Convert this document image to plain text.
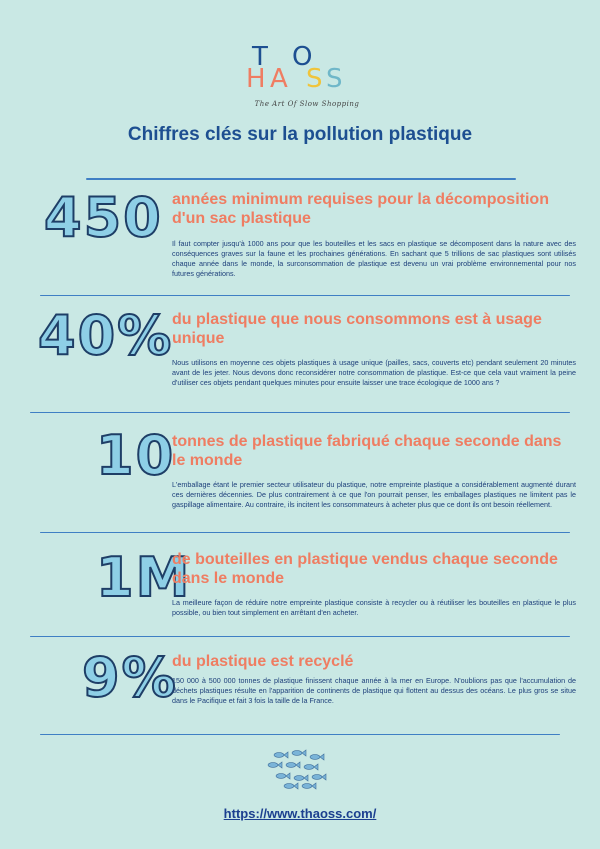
T
H A
O
S S
The Art Of Slow Shopping
Chiffres clés sur la pollution plastique
450 années minimum requises pour la décomposition d'un sac plastique
Il faut compter jusqu'à 1000 ans pour que les bouteilles et les sacs en plastique se décomposent dans la nature avec des conséquences graves sur la faune et les prochaines générations. En sachant que 5 trillions de sac plastiques sont utilisés chaque année dans le monde, la surconsommation de plastique est devenu un vrai problème environnemental pour nos futures générations.
40%
du plastique que nous consommons est à usage unique
Nous utilisons en moyenne ces objets plastiques à usage unique (pailles, sacs, couverts etc) pendant seulement 20 minutes avant de les jeter. Nous devons donc reconsidérer notre consommation de plastique. Est-ce que cela vaut vraiment la peine d'utiliser ces objets pendant quelques minutes pour ensuite laisser une trace écologique de 1000 ans ?
10
tonnes de plastique fabriqué chaque seconde dans le monde
L'emballage étant le premier secteur utilisateur du plastique, notre empreinte plastique a considérablement augmenté durant ces dernières décennies. De plus contrairement à ce que l'on pourrait penser, les emballages plastiques ne limitent pas le gaspillage alimentaire. Au contraire, ils incitent les consommateurs à acheter plus que ce dont ils ont besoin réellement.
1M
de bouteilles en plastique vendus chaque seconde dans le monde
La meilleure façon de réduire notre empreinte plastique consiste à recycler ou à réutiliser les bouteilles en plastique le plus possible, ou bien tout simplement en arrêtant d'en acheter.
9%
du plastique est recyclé
150 000 à 500 000 tonnes de plastique finissent chaque année à la mer en Europe. N'oublions pas que l'accumulation de déchets plastiques résulte en l'apparition de continents de plastique qui flottent au dessus des océans. Le plus gros se situe dans le Pacifique et fait 3 fois la taille de la France.
https://www.thaoss.com/
